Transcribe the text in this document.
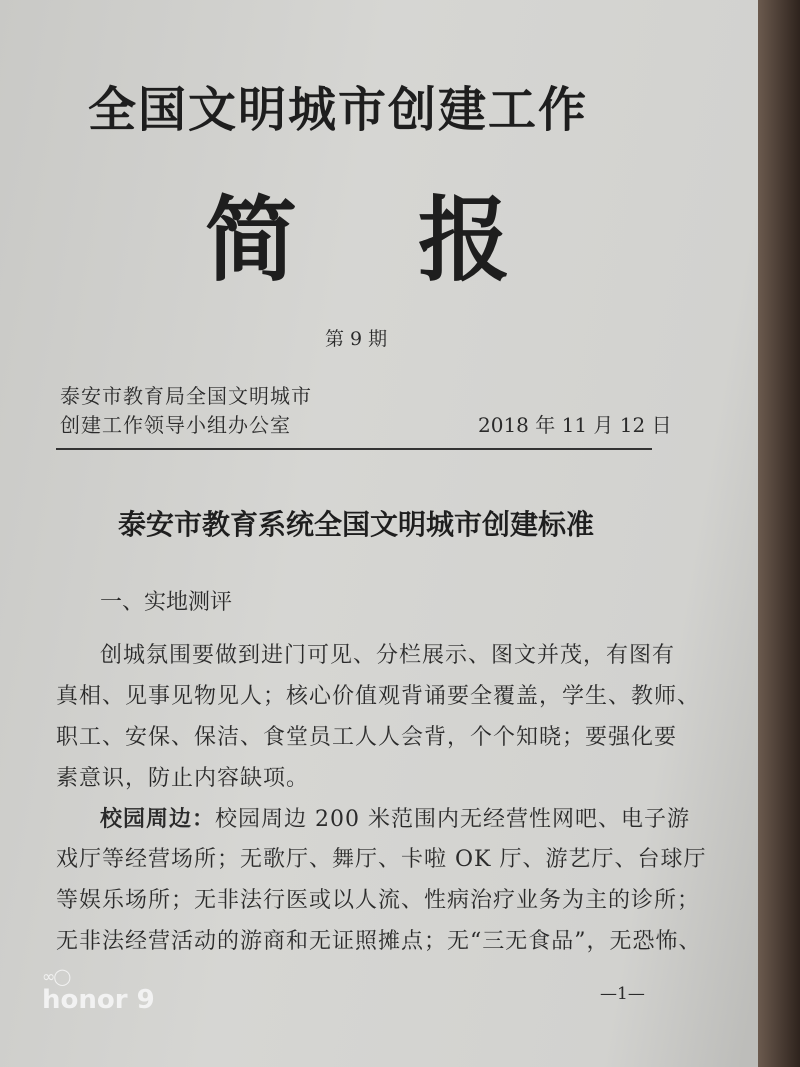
全国文明城市创建工作
简 报
第 9 期
泰安市教育局全国文明城市
创建工作领导小组办公室	2018 年 11 月 12 日
泰安市教育系统全国文明城市创建标准
一、实地测评
创城氛围要做到进门可见、分栏展示、图文并茂，有图有
真相、见事见物见人；核心价值观背诵要全覆盖，学生、教师、
职工、安保、保洁、食堂员工人人会背，个个知晓；要强化要
素意识，防止内容缺项。
校园周边：校园周边 200 米范围内无经营性网吧、电子游
戏厅等经营场所；无歌厅、舞厅、卡啦 OK 厅、游艺厅、台球厅
等娱乐场所；无非法行医或以人流、性病治疗业务为主的诊所；
无非法经营活动的游商和无证照摊点；无“三无食品”，无恐怖、
—1—
∞◯
honor 9
